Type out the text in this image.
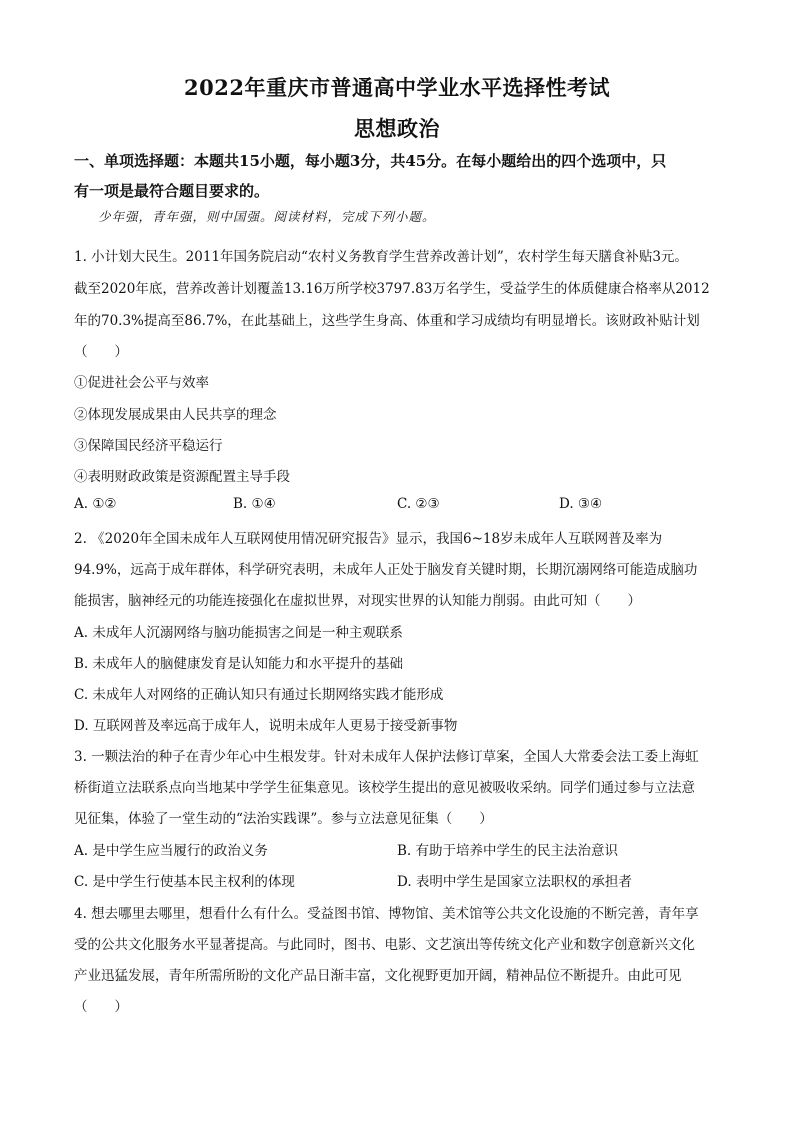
2022年重庆市普通高中学业水平选择性考试
思想政治
一、单项选择题：本题共15小题，每小题3分，共45分。在每小题给出的四个选项中，只
有一项是最符合题目要求的。
少年强，青年强，则中国强。阅读材料，完成下列小题。
1. 小计划大民生。2011年国务院启动“农村义务教育学生营养改善计划”，农村学生每天膳食补贴3元。
截至2020年底，营养改善计划覆盖13.16万所学校3797.83万名学生，受益学生的体质健康合格率从2012
年的70.3%提高至86.7%，在此基础上，这些学生身高、体重和学习成绩均有明显增长。该财政补贴计划
（　　）
①促进社会公平与效率
②体现发展成果由人民共享的理念
③保障国民经济平稳运行
④表明财政政策是资源配置主导手段
A. ①②	B. ①④	C. ②③	D. ③④
2. 《2020年全国未成年人互联网使用情况研究报告》显示，我国6~18岁未成年人互联网普及率为
94.9%，远高于成年群体，科学研究表明，未成年人正处于脑发育关键时期，长期沉溺网络可能造成脑功
能损害，脑神经元的功能连接强化在虚拟世界，对现实世界的认知能力削弱。由此可知（　　）
A. 未成年人沉溺网络与脑功能损害之间是一种主观联系
B. 未成年人的脑健康发育是认知能力和水平提升的基础
C. 未成年人对网络的正确认知只有通过长期网络实践才能形成
D. 互联网普及率远高于成年人，说明未成年人更易于接受新事物
3. 一颗法治的种子在青少年心中生根发芽。针对未成年人保护法修订草案，全国人大常委会法工委上海虹
桥街道立法联系点向当地某中学学生征集意见。该校学生提出的意见被吸收采纳。同学们通过参与立法意
见征集，体验了一堂生动的“法治实践课”。参与立法意见征集（　　）
A. 是中学生应当履行的政治义务	B. 有助于培养中学生的民主法治意识
C. 是中学生行使基本民主权利的体现	D. 表明中学生是国家立法职权的承担者
4. 想去哪里去哪里，想看什么有什么。受益图书馆、博物馆、美术馆等公共文化设施的不断完善，青年享
受的公共文化服务水平显著提高。与此同时，图书、电影、文艺演出等传统文化产业和数字创意新兴文化
产业迅猛发展，青年所需所盼的文化产品日渐丰富，文化视野更加开阔，精神品位不断提升。由此可见
（　　）
